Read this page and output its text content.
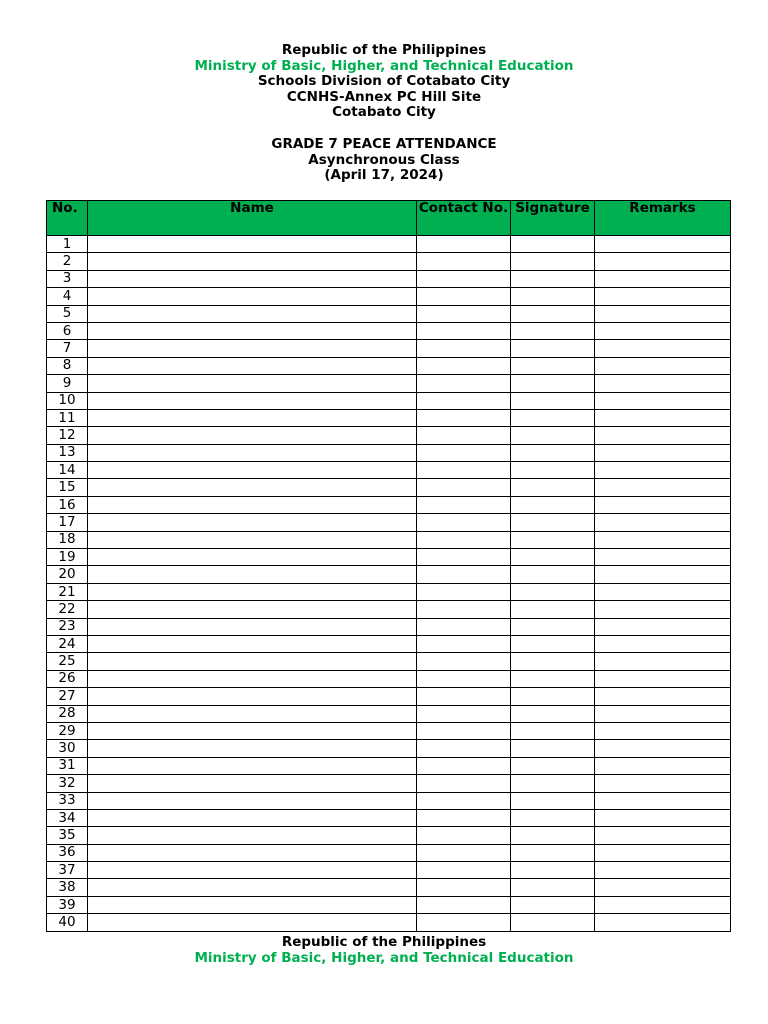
Republic of the Philippines
Ministry of Basic, Higher, and Technical Education
Schools Division of Cotabato City
CCNHS-Annex PC Hill Site
Cotabato City
GRADE 7 PEACE ATTENDANCE
Asynchronous Class
(April 17, 2024)
No.	Name	Contact No.	Signature	Remarks
1				
2				
3				
4				
5				
6				
7				
8				
9				
10				
11				
12				
13				
14				
15				
16				
17				
18				
19				
20				
21				
22				
23				
24				
25				
26				
27				
28				
29				
30				
31				
32				
33				
34				
35				
36				
37				
38				
39				
40				
Republic of the Philippines
Ministry of Basic, Higher, and Technical Education
